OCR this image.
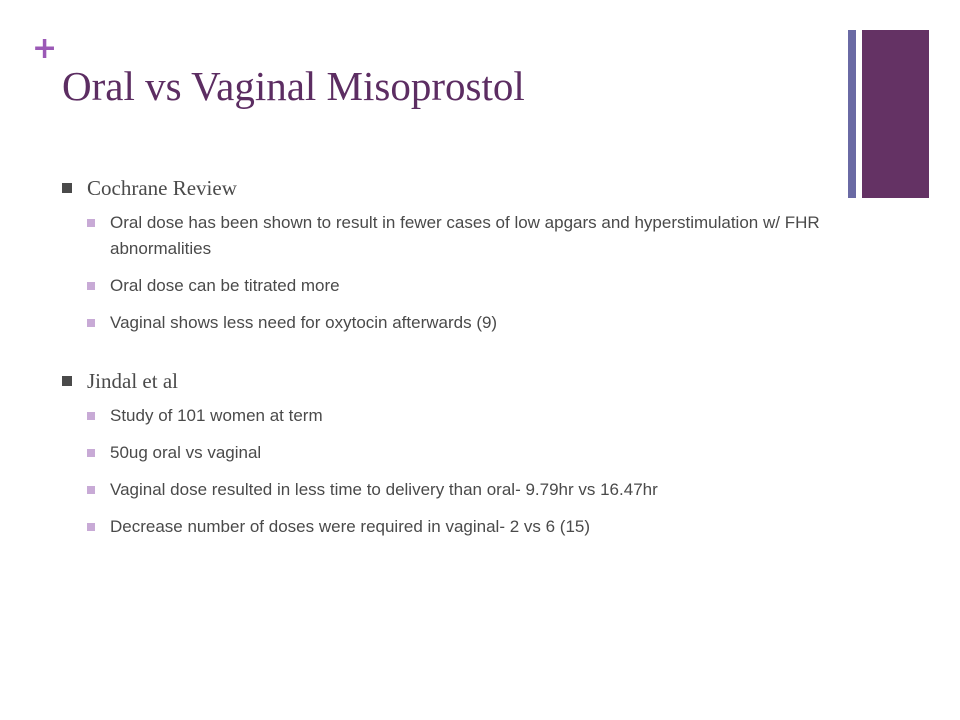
+
Oral vs Vaginal Misoprostol
Cochrane Review
Oral dose has been shown to result in fewer cases of low apgars and hyperstimulation w/ FHR abnormalities
Oral dose can be titrated more
Vaginal shows less need for oxytocin afterwards (9)
Jindal et al
Study of 101 women at term
50ug oral vs vaginal
Vaginal dose resulted in less time to delivery than oral- 9.79hr vs 16.47hr
Decrease number of doses were required in vaginal- 2 vs 6 (15)
